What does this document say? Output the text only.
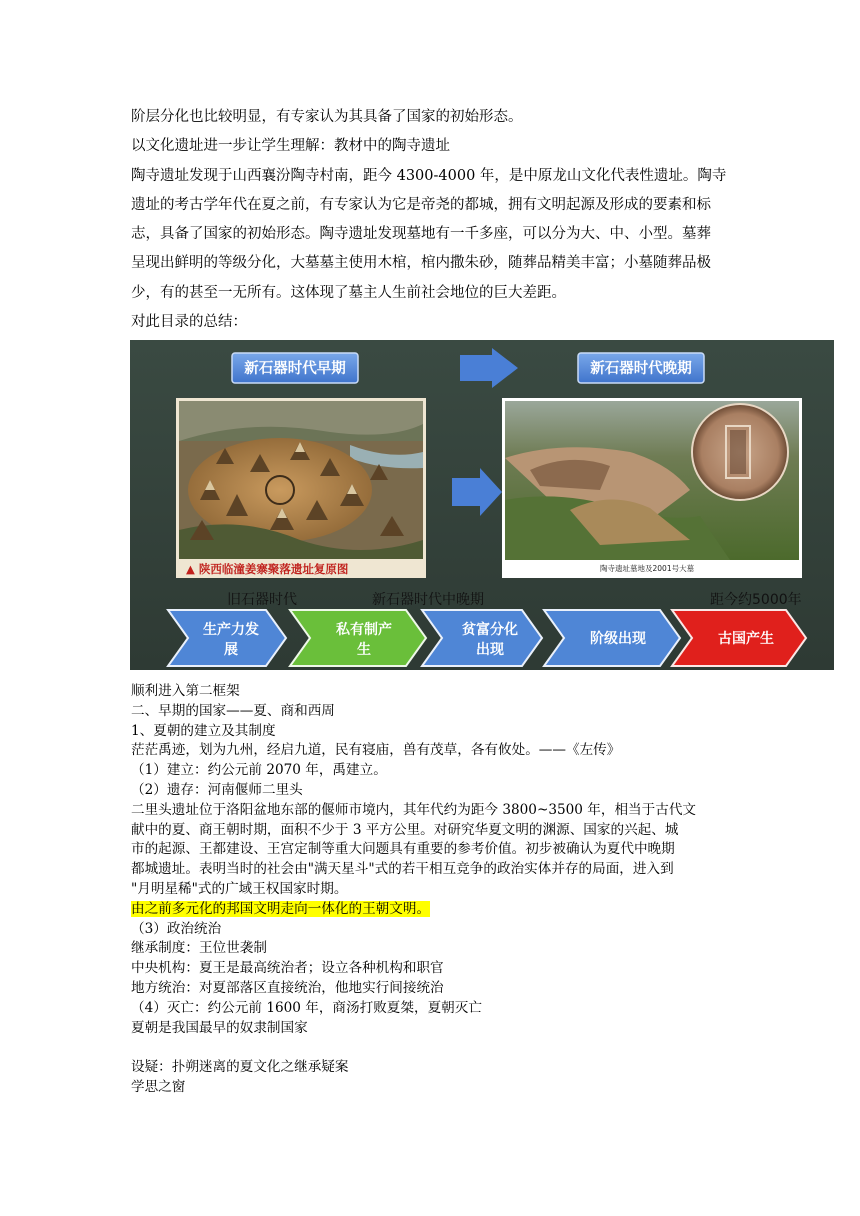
阶层分化也比较明显，有专家认为其具备了国家的初始形态。

以文化遗址进一步让学生理解：教材中的陶寺遗址

陶寺遗址发现于山西襄汾陶寺村南，距今 4300-4000 年，是中原龙山文化代表性遗址。陶寺

遗址的考古学年代在夏之前，有专家认为它是帝尧的都城，拥有文明起源及形成的要素和标

志，具备了国家的初始形态。陶寺遗址发现墓地有一千多座，可以分为大、中、小型。墓葬

呈现出鲜明的等级分化，大墓墓主使用木棺，棺内撒朱砂，随葬品精美丰富；小墓随葬品极

少，有的甚至一无所有。这体现了墓主人生前社会地位的巨大差距。

对此目录的总结：

新石器时代早期	新石器时代晚期
▲ 陕西临潼姜寨聚落遗址复原图	陶寺遗址墓地及2001号大墓
旧石器时代	新石器时代中晚期	距今约5000年
生产力发
展
私有制产
生
贫富分化
出现
阶级出现	古国产生

顺利进入第二框架

二、早期的国家——夏、商和西周

1、夏朝的建立及其制度

茫茫禹迹，划为九州，经启九道，民有寝庙，兽有茂草，各有攸处。——《左传》

（1）建立：约公元前 2070 年，禹建立。

（2）遗存：河南偃师二里头

二里头遗址位于洛阳盆地东部的偃师市境内，其年代约为距今 3800~3500 年，相当于古代文

献中的夏、商王朝时期，面积不少于 3 平方公里。对研究华夏文明的渊源、国家的兴起、城

市的起源、王都建设、王宫定制等重大问题具有重要的参考价值。初步被确认为夏代中晚期

都城遗址。表明当时的社会由"满天星斗"式的若干相互竞争的政治实体并存的局面，进入到

"月明星稀"式的广域王权国家时期。

由之前多元化的邦国文明走向一体化的王朝文明。

（3）政治统治

继承制度：王位世袭制

中央机构：夏王是最高统治者；设立各种机构和职官

地方统治：对夏部落区直接统治，他地实行间接统治

（4）灭亡：约公元前 1600 年，商汤打败夏桀，夏朝灭亡

夏朝是我国最早的奴隶制国家

设疑：扑朔迷离的夏文化之继承疑案

学思之窗
